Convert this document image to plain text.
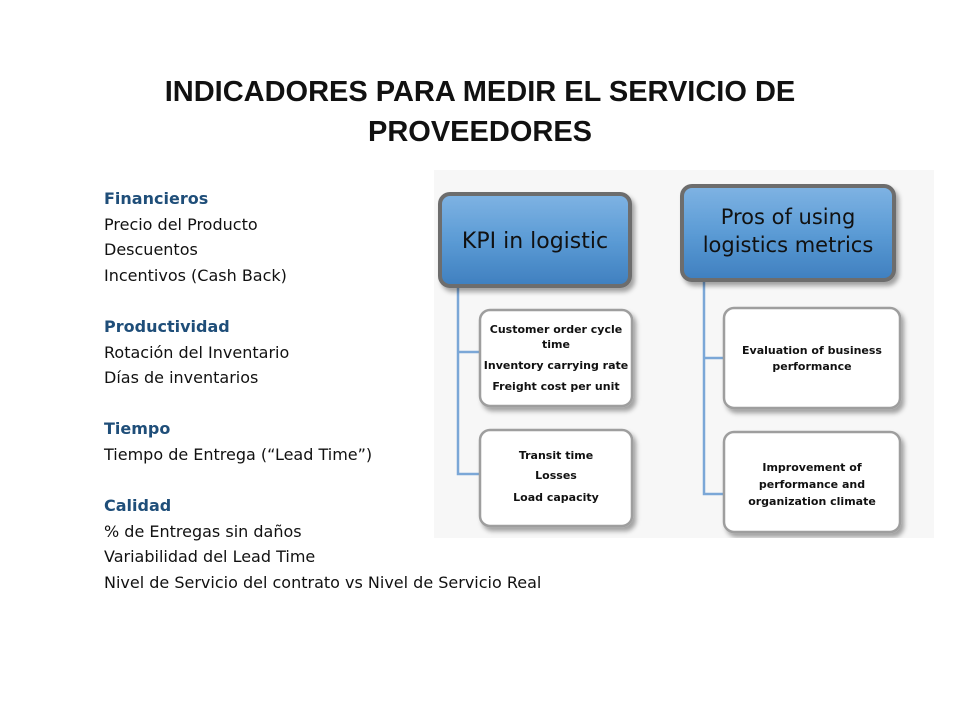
INDICADORES PARA MEDIR EL SERVICIO DE
PROVEEDORES
Financieros
Precio del Producto
Descuentos
Incentivos (Cash Back)
Productividad
Rotación del Inventario
Días de inventarios
Tiempo
Tiempo de Entrega (“Lead Time”)
Calidad
% de Entregas sin daños
Variabilidad del Lead Time
Nivel de Servicio del contrato vs Nivel de Servicio Real
KPI in logistic
Customer order cycle
time
Inventory carrying rate
Freight cost per unit
Transit time
Losses
Load capacity
Pros of using
logistics metrics
Evaluation of business
performance
Improvement of
performance and
organization climate
